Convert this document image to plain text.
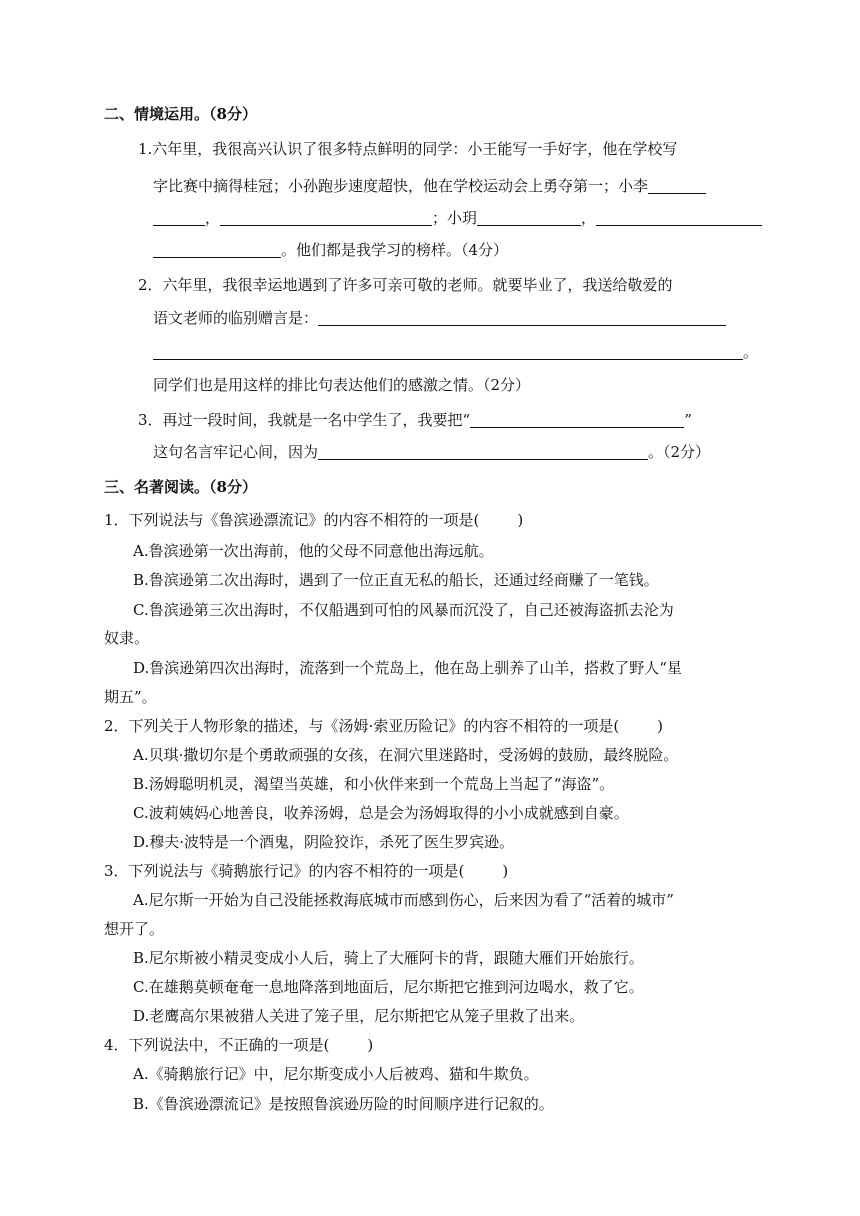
二、情境运用。（8分）
1.六年里，我很高兴认识了很多特点鲜明的同学：小王能写一手好字，他在学校写
字比赛中摘得桂冠；小孙跑步速度超快，他在学校运动会上勇夺第一；小李
，	；小玥	，
。他们都是我学习的榜样。（4分）
2．六年里，我很幸运地遇到了许多可亲可敬的老师。就要毕业了，我送给敬爱的
语文老师的临别赠言是：
。
同学们也是用这样的排比句表达他们的感激之情。（2分）
3．再过一段时间，我就是一名中学生了，我要把“	”
这句名言牢记心间，因为	。（2分）
三、名著阅读。（8分）
1．下列说法与《鲁滨逊漂流记》的内容不相符的一项是(	)
A.鲁滨逊第一次出海前，他的父母不同意他出海远航。
B.鲁滨逊第二次出海时，遇到了一位正直无私的船长，还通过经商赚了一笔钱。
C.鲁滨逊第三次出海时，不仅船遇到可怕的风暴而沉没了，自己还被海盗抓去沦为
奴隶。
D.鲁滨逊第四次出海时，流落到一个荒岛上，他在岛上驯养了山羊，搭救了野人“星
期五”。
2．下列关于人物形象的描述，与《汤姆·索亚历险记》的内容不相符的一项是(	)
A.贝琪·撒切尔是个勇敢顽强的女孩，在洞穴里迷路时，受汤姆的鼓励，最终脱险。
B.汤姆聪明机灵，渴望当英雄，和小伙伴来到一个荒岛上当起了“海盗”。
C.波莉姨妈心地善良，收养汤姆，总是会为汤姆取得的小小成就感到自豪。
D.穆夫·波特是一个酒鬼，阴险狡诈，杀死了医生罗宾逊。
3．下列说法与《骑鹅旅行记》的内容不相符的一项是(	)
A.尼尔斯一开始为自己没能拯救海底城市而感到伤心，后来因为看了“活着的城市”
想开了。
B.尼尔斯被小精灵变成小人后，骑上了大雁阿卡的背，跟随大雁们开始旅行。
C.在雄鹅莫顿奄奄一息地降落到地面后，尼尔斯把它推到河边喝水，救了它。
D.老鹰高尔果被猎人关进了笼子里，尼尔斯把它从笼子里救了出来。
4．下列说法中，不正确的一项是(	)
A.《骑鹅旅行记》中，尼尔斯变成小人后被鸡、猫和牛欺负。
B.《鲁滨逊漂流记》是按照鲁滨逊历险的时间顺序进行记叙的。
